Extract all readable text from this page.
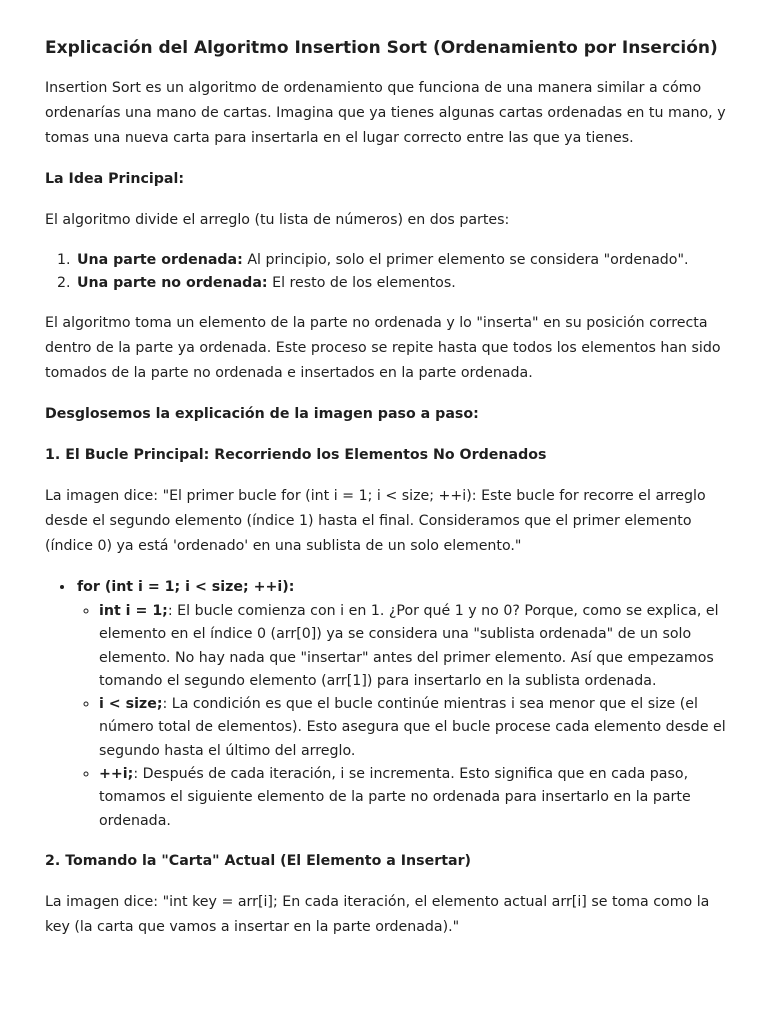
Explicación del Algoritmo Insertion Sort (Ordenamiento por Inserción)

Insertion Sort es un algoritmo de ordenamiento que funciona de una manera similar a cómo ordenarías una mano de cartas. Imagina que ya tienes algunas cartas ordenadas en tu mano, y tomas una nueva carta para insertarla en el lugar correcto entre las que ya tienes.

La Idea Principal:

El algoritmo divide el arreglo (tu lista de números) en dos partes:

1. Una parte ordenada: Al principio, solo el primer elemento se considera "ordenado".
2. Una parte no ordenada: El resto de los elementos.

El algoritmo toma un elemento de la parte no ordenada y lo "inserta" en su posición correcta dentro de la parte ya ordenada. Este proceso se repite hasta que todos los elementos han sido tomados de la parte no ordenada e insertados en la parte ordenada.

Desglosemos la explicación de la imagen paso a paso:

1. El Bucle Principal: Recorriendo los Elementos No Ordenados

La imagen dice: "El primer bucle for (int i = 1; i < size; ++i): Este bucle for recorre el arreglo desde el segundo elemento (índice 1) hasta el final. Consideramos que el primer elemento (índice 0) ya está 'ordenado' en una sublista de un solo elemento."

• for (int i = 1; i < size; ++i):
◦ int i = 1;: El bucle comienza con i en 1. ¿Por qué 1 y no 0? Porque, como se explica, el elemento en el índice 0 (arr[0]) ya se considera una "sublista ordenada" de un solo elemento. No hay nada que "insertar" antes del primer elemento. Así que empezamos tomando el segundo elemento (arr[1]) para insertarlo en la sublista ordenada.
◦ i < size;: La condición es que el bucle continúe mientras i sea menor que el size (el número total de elementos). Esto asegura que el bucle procese cada elemento desde el segundo hasta el último del arreglo.
◦ ++i;: Después de cada iteración, i se incrementa. Esto significa que en cada paso, tomamos el siguiente elemento de la parte no ordenada para insertarlo en la parte ordenada.

2. Tomando la "Carta" Actual (El Elemento a Insertar)

La imagen dice: "int key = arr[i]; En cada iteración, el elemento actual arr[i] se toma como la key (la carta que vamos a insertar en la parte ordenada)."
